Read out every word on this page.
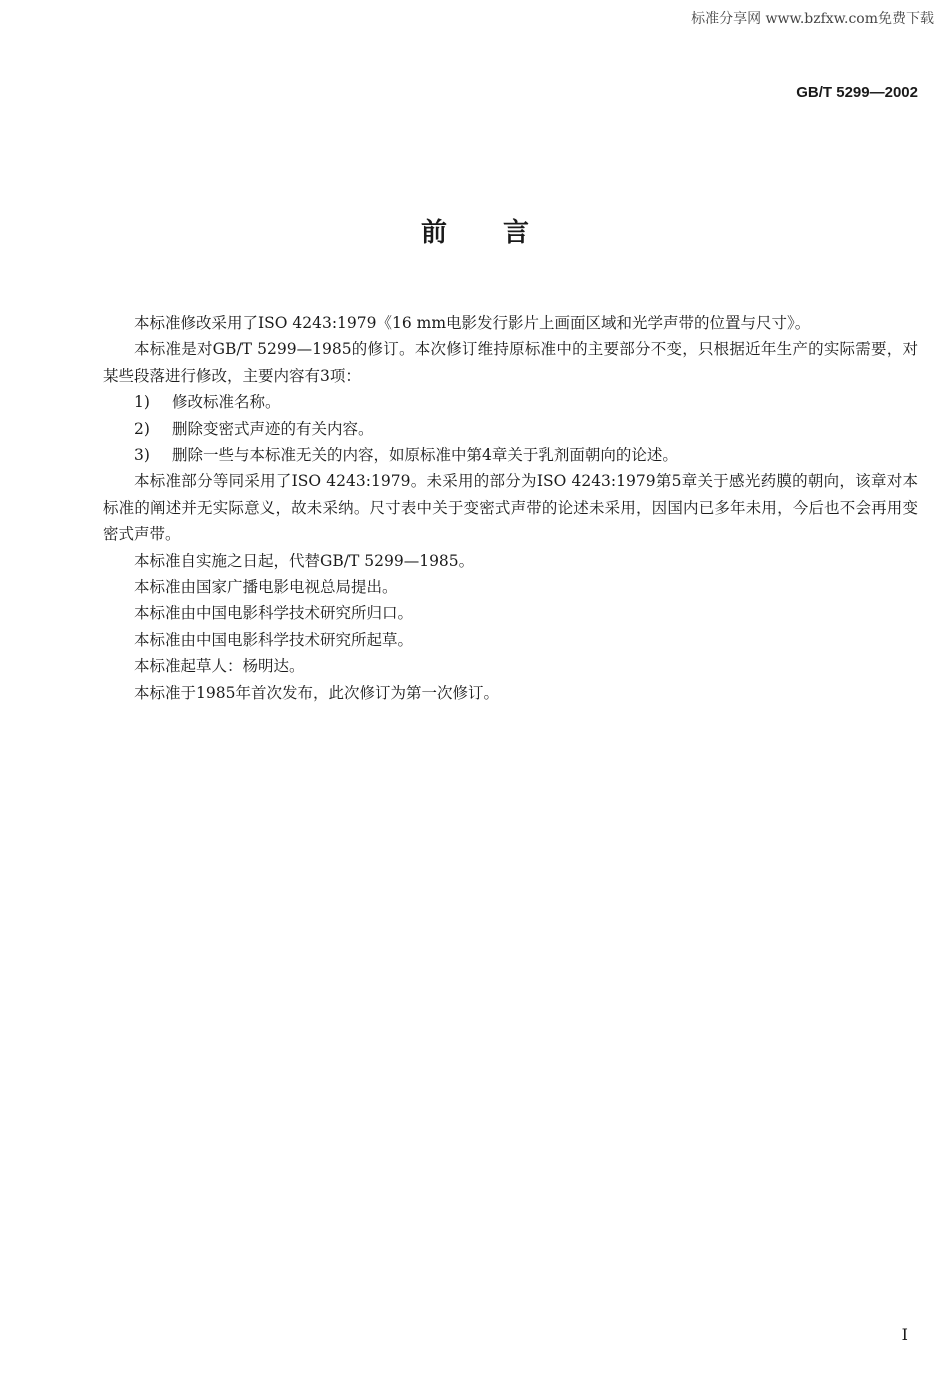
标准分享网 www.bzfxw.com免费下载
GB/T 5299—2002
前言

本标准修改采用了ISO 4243:1979《16 mm电影发行影片上画面区域和光学声带的位置与尺寸》。

本标准是对GB/T 5299—1985的修订。本次修订维持原标准中的主要部分不变，只根据近年生产的实际需要，对某些段落进行修改，主要内容有3项：

1) 修改标准名称。

2) 删除变密式声迹的有关内容。

3) 删除一些与本标准无关的内容，如原标准中第4章关于乳剂面朝向的论述。

本标准部分等同采用了ISO 4243:1979。未采用的部分为ISO 4243:1979第5章关于感光药膜的朝向，该章对本标准的阐述并无实际意义，故未采纳。尺寸表中关于变密式声带的论述未采用，因国内已多年未用，今后也不会再用变密式声带。

本标准自实施之日起，代替GB/T 5299—1985。

本标准由国家广播电影电视总局提出。

本标准由中国电影科学技术研究所归口。

本标准由中国电影科学技术研究所起草。

本标准起草人：杨明达。

本标准于1985年首次发布，此次修订为第一次修订。

I
